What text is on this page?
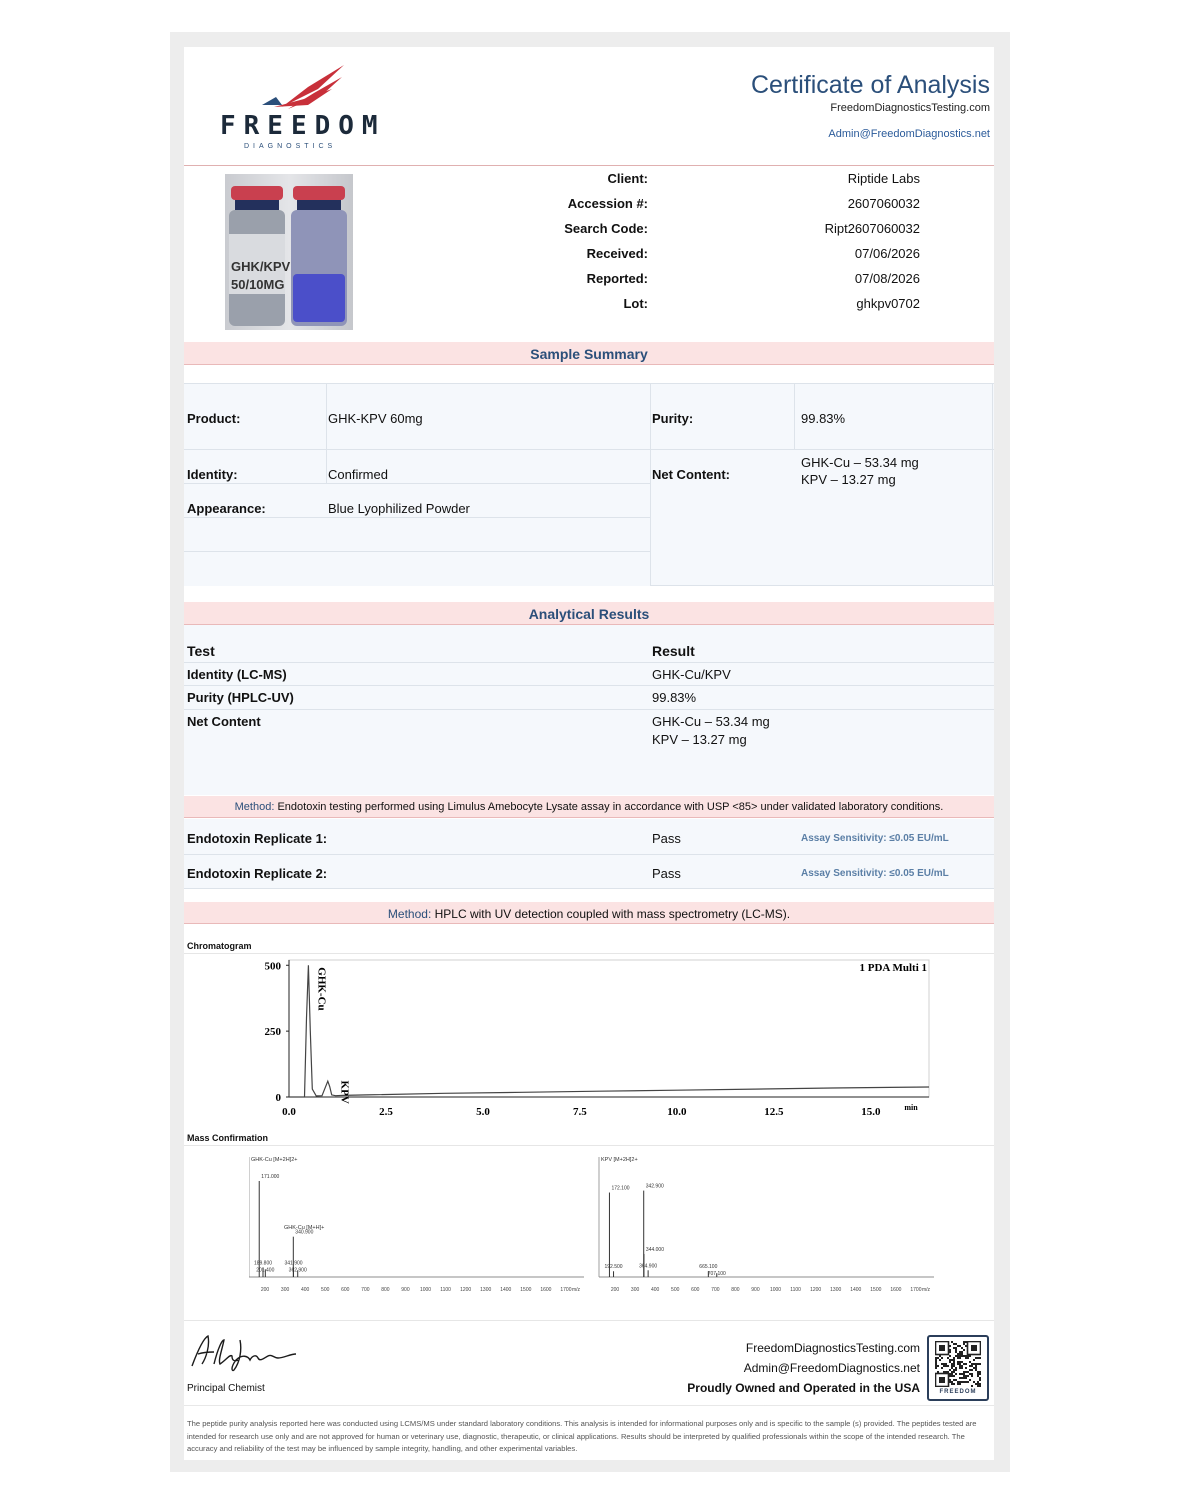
FREEDOM
DIAGNOSTICS
Certificate of Analysis
FreedomDiagnosticsTesting.com
Admin@FreedomDiagnostics.net
GHK/KPV
50/10MG
Client:	Riptide Labs
Accession #:	2607060032
Search Code:	Ript2607060032
Received:	07/06/2026
Reported:	07/08/2026
Lot:	ghkpv0702
Sample Summary
Product:	GHK-KPV 60mg	Purity:	99.83%
Identity:	Confirmed	Net Content:
GHK-Cu – 53.34 mg
KPV – 13.27 mg
Appearance:	Blue Lyophilized Powder
Analytical Results
Test	Result
Identity (LC-MS)	GHK-Cu/KPV
Purity (HPLC-UV)	99.83%
Net Content	GHK-Cu – 53.34 mg
KPV – 13.27 mg
Method: Endotoxin testing performed using Limulus Amebocyte Lysate assay in accordance with USP <85> under validated laboratory conditions.
Endotoxin Replicate 1:	Pass	Assay Sensitivity: ≤0.05 EU/mL
Endotoxin Replicate 2:	Pass	Assay Sensitivity: ≤0.05 EU/mL
Method: HPLC with UV detection coupled with mass spectrometry (LC-MS).
Chromatogram
500
250
0
0.0	2.5	5.0	7.5	10.0	12.5	15.0	min
1 PDA Multi 1
GHK-Cu
KPV
Mass Confirmation
GHK-Cu [M+2H]2+
GHK-Cu [M+H]+
200 300 400 500 600 700 800 900 1000 1100 1200 1300 1400 1500 1600 1700 m/z
171.000
189.800
201.400
340.900
341.900
362.900
KPV [M+2H]2+
200 300 400 500 600 700 800 900 1000 1100 1200 1300 1400 1500 1600 1700 m/z
172.100
192.500
342.900
344.000
364.900	665.100
707.100
Principal Chemist
FreedomDiagnosticsTesting.com
Admin@FreedomDiagnostics.net
Proudly Owned and Operated in the USA	FREEDOM
The peptide purity analysis reported here was conducted using LCMS/MS under standard laboratory conditions. This analysis is intended for informational purposes only and is specific to the sample (s) provided. The peptides tested are intended for research use only and are not approved for human or veterinary use, diagnostic, therapeutic, or clinical applications. Results should be interpreted by qualified professionals within the scope of the intended research. The accuracy and reliability of the test may be influenced by sample integrity, handling, and other experimental variables.
